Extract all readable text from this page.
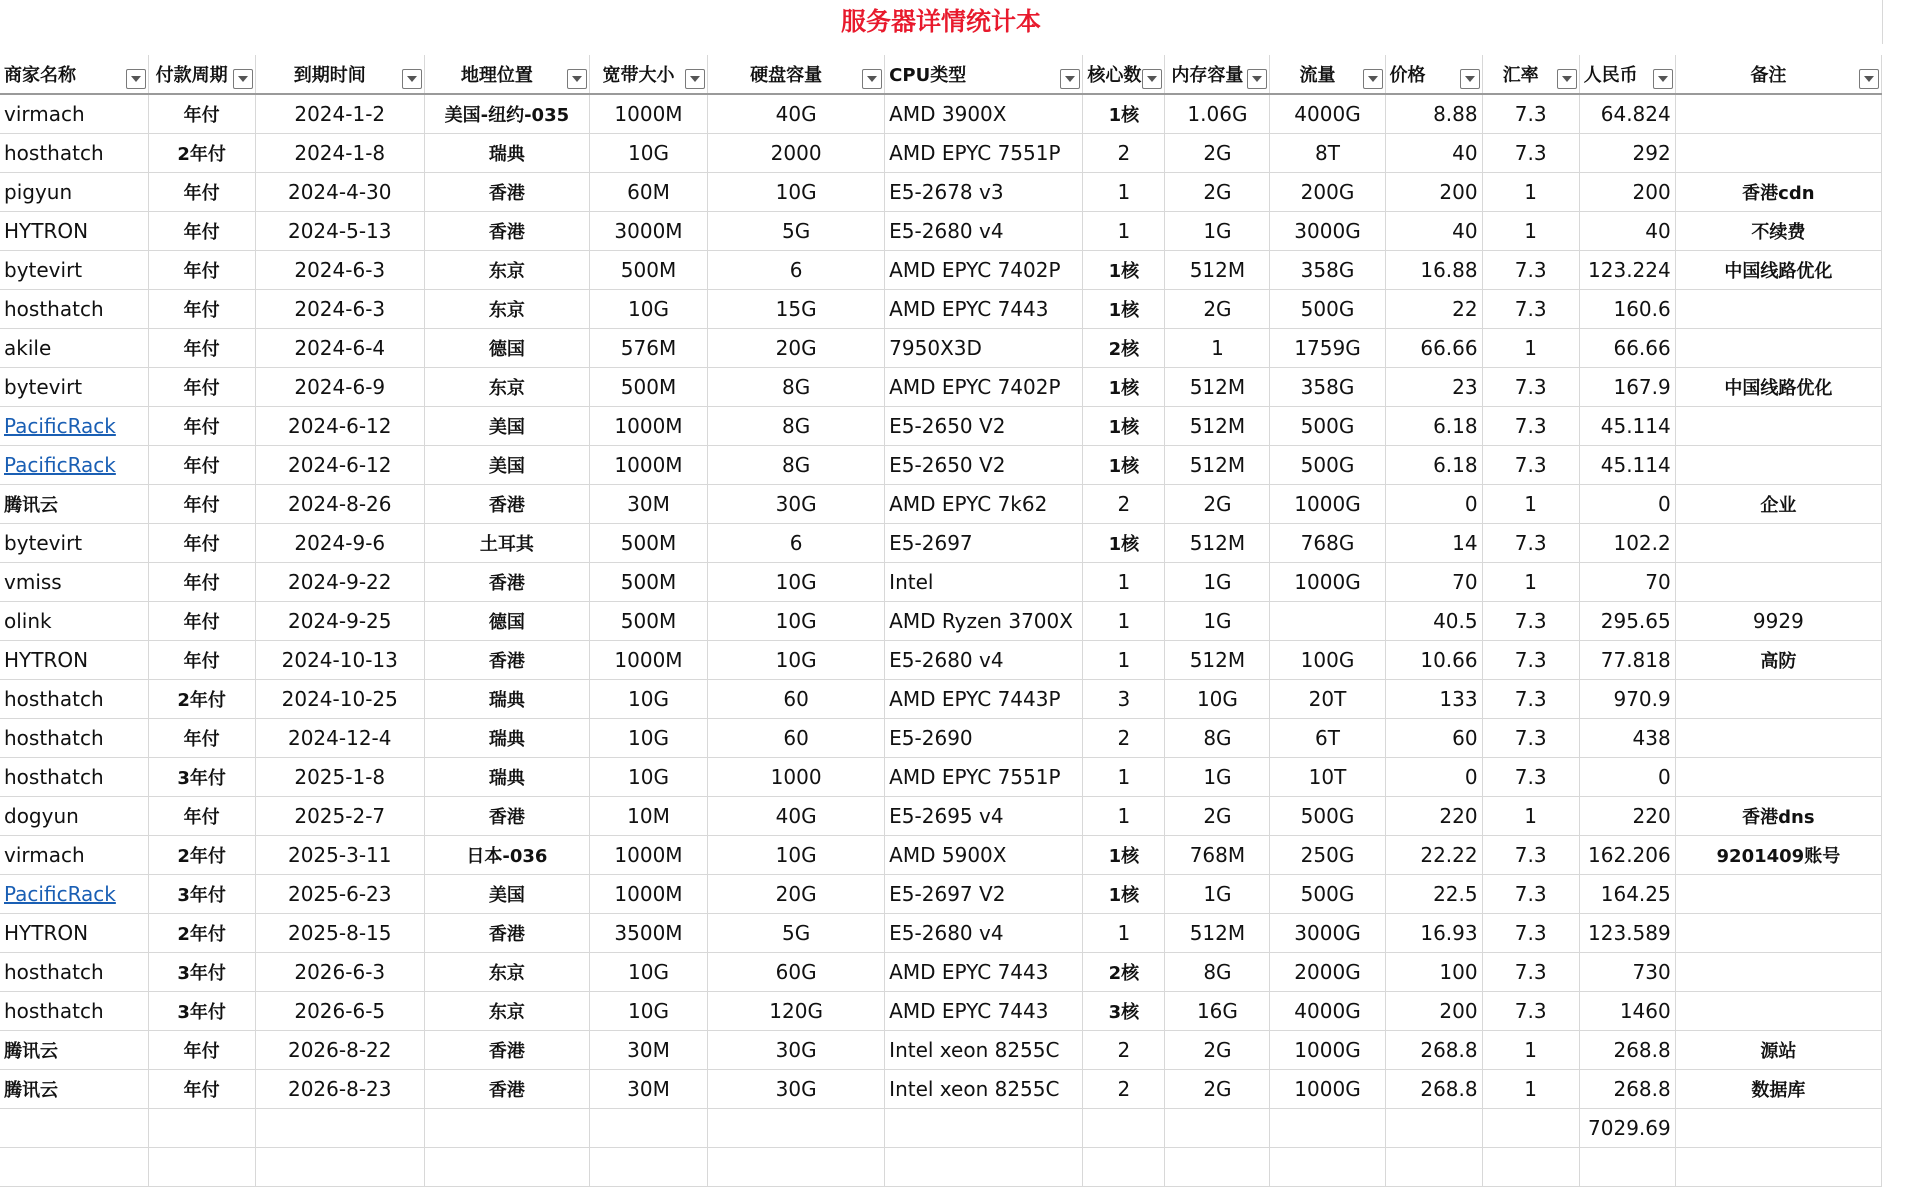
服务器详情统计本
商家名称	付款周期	到期时间	地理位置	宽带大小	硬盘容量	CPU类型	核心数	内存容量	流量	价格	汇率	人民币	备注

virmach	年付	2024-1-2	美国-纽约-035	1000M	40G	AMD 3900X	1核	1.06G	4000G	8.88	7.3	64.824	
hosthatch	2年付	2024-1-8	瑞典	10G	2000	AMD EPYC 7551P	2	2G	8T	40	7.3	292	
pigyun	年付	2024-4-30	香港	60M	10G	E5-2678 v3	1	2G	200G	200	1	200	香港cdn
HYTRON	年付	2024-5-13	香港	3000M	5G	E5-2680 v4	1	1G	3000G	40	1	40	不续费
bytevirt	年付	2024-6-3	东京	500M	6	AMD EPYC 7402P	1核	512M	358G	16.88	7.3	123.224	中国线路优化
hosthatch	年付	2024-6-3	东京	10G	15G	AMD EPYC 7443	1核	2G	500G	22	7.3	160.6	
akile	年付	2024-6-4	德国	576M	20G	7950X3D	2核	1	1759G	66.66	1	66.66	
bytevirt	年付	2024-6-9	东京	500M	8G	AMD EPYC 7402P	1核	512M	358G	23	7.3	167.9	中国线路优化
PacificRack	年付	2024-6-12	美国	1000M	8G	E5-2650 V2	1核	512M	500G	6.18	7.3	45.114	
PacificRack	年付	2024-6-12	美国	1000M	8G	E5-2650 V2	1核	512M	500G	6.18	7.3	45.114	
腾讯云	年付	2024-8-26	香港	30M	30G	AMD EPYC 7k62	2	2G	1000G	0	1	0	企业
bytevirt	年付	2024-9-6	土耳其	500M	6	E5-2697	1核	512M	768G	14	7.3	102.2	
vmiss	年付	2024-9-22	香港	500M	10G	Intel	1	1G	1000G	70	1	70	
olink	年付	2024-9-25	德国	500M	10G	AMD Ryzen 3700X	1	1G		40.5	7.3	295.65	9929
HYTRON	年付	2024-10-13	香港	1000M	10G	E5-2680 v4	1	512M	100G	10.66	7.3	77.818	高防
hosthatch	2年付	2024-10-25	瑞典	10G	60	AMD EPYC 7443P	3	10G	20T	133	7.3	970.9	
hosthatch	年付	2024-12-4	瑞典	10G	60	E5-2690	2	8G	6T	60	7.3	438	
hosthatch	3年付	2025-1-8	瑞典	10G	1000	AMD EPYC 7551P	1	1G	10T	0	7.3	0	
dogyun	年付	2025-2-7	香港	10M	40G	E5-2695 v4	1	2G	500G	220	1	220	香港dns
virmach	2年付	2025-3-11	日本-036	1000M	10G	AMD 5900X	1核	768M	250G	22.22	7.3	162.206	9201409账号
PacificRack	3年付	2025-6-23	美国	1000M	20G	E5-2697 V2	1核	1G	500G	22.5	7.3	164.25	
HYTRON	2年付	2025-8-15	香港	3500M	5G	E5-2680 v4	1	512M	3000G	16.93	7.3	123.589	
hosthatch	3年付	2026-6-3	东京	10G	60G	AMD EPYC 7443	2核	8G	2000G	100	7.3	730	
hosthatch	3年付	2026-6-5	东京	10G	120G	AMD EPYC 7443	3核	16G	4000G	200	7.3	1460	
腾讯云	年付	2026-8-22	香港	30M	30G	Intel xeon 8255C	2	2G	1000G	268.8	1	268.8	源站
腾讯云	年付	2026-8-23	香港	30M	30G	Intel xeon 8255C	2	2G	1000G	268.8	1	268.8	数据库
												7029.69	
